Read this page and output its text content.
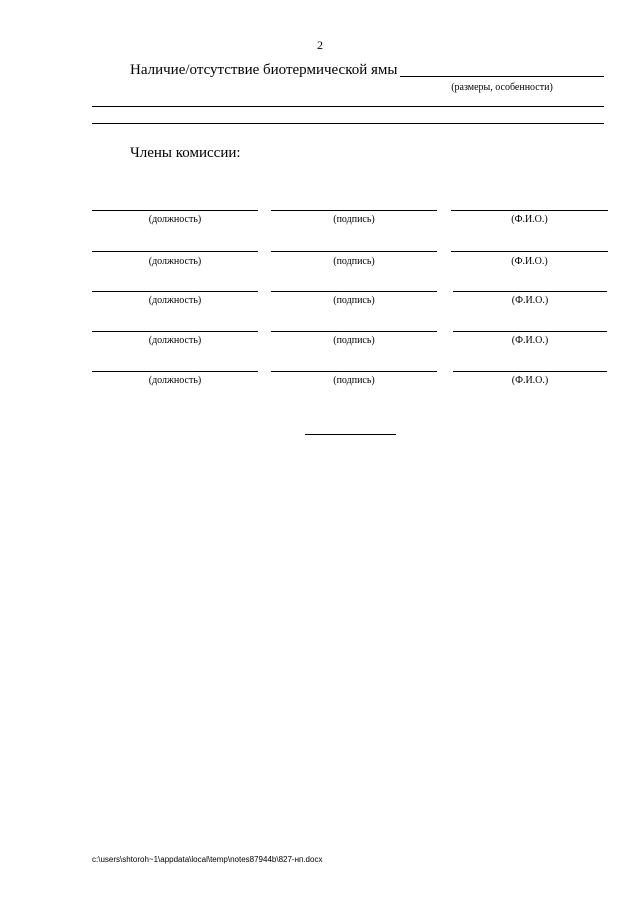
2
Наличие/отсутствие биотермической ямы
(размеры, особенности)
Члены комиссии:
(должность)	(подпись)	(Ф.И.О.)
(должность)	(подпись)	(Ф.И.О.)
(должность)	(подпись)	(Ф.И.О.)
(должность)	(подпись)	(Ф.И.О.)
(должность)	(подпись)	(Ф.И.О.)
c:\users\shtoroh~1\appdata\local\temp\notes87944b\827-нп.docx
